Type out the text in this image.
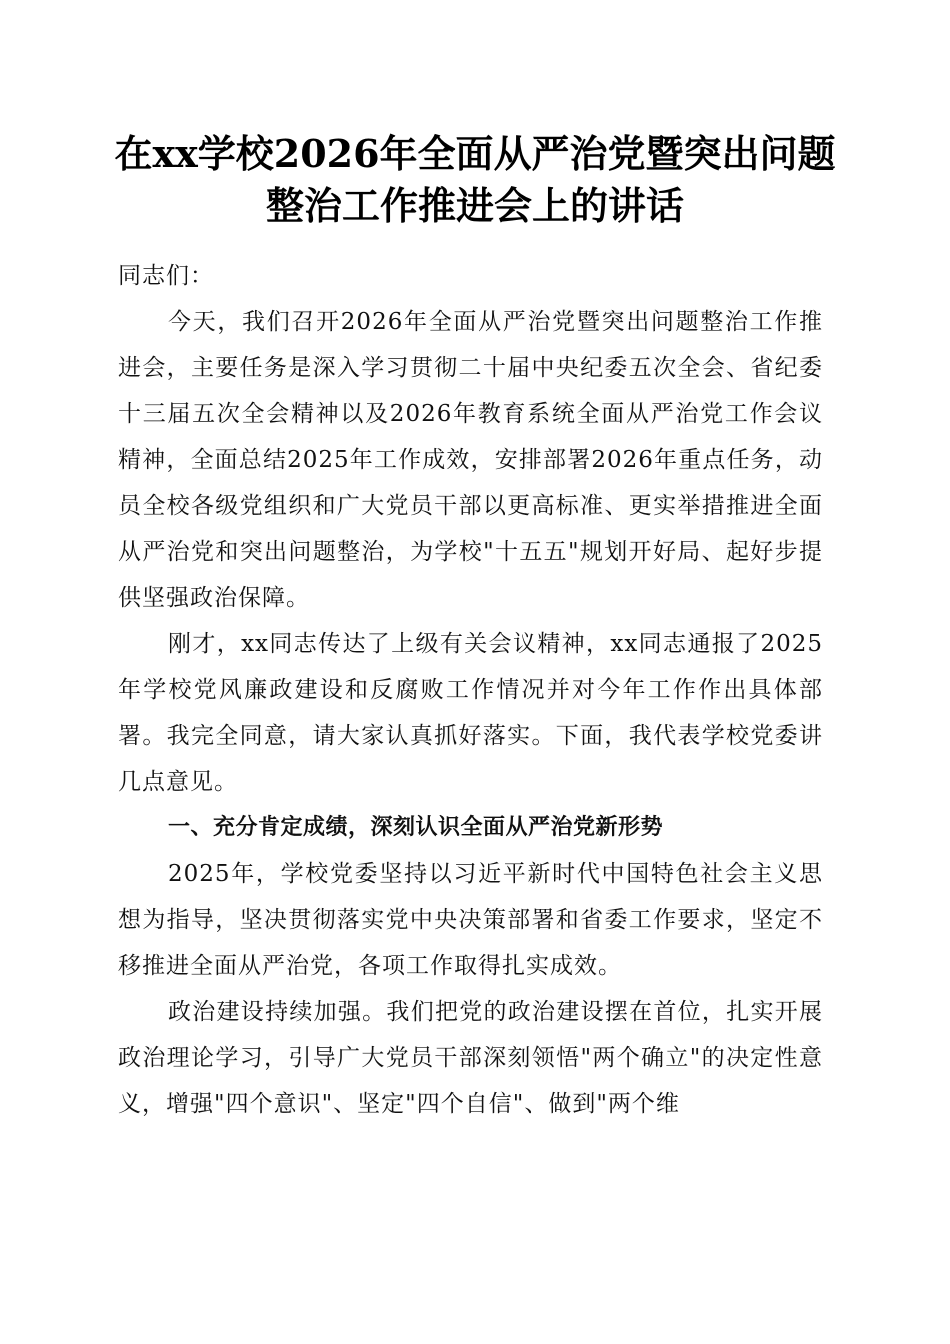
在xx学校2026年全面从严治党暨突出问题整治工作推进会上的讲话

同志们：

今天，我们召开2026年全面从严治党暨突出问题整治工作推进会，主要任务是深入学习贯彻二十届中央纪委五次全会、省纪委十三届五次全会精神以及2026年教育系统全面从严治党工作会议精神，全面总结2025年工作成效，安排部署2026年重点任务，动员全校各级党组织和广大党员干部以更高标准、更实举措推进全面从严治党和突出问题整治，为学校"十五五"规划开好局、起好步提供坚强政治保障。

刚才，xx同志传达了上级有关会议精神，xx同志通报了2025年学校党风廉政建设和反腐败工作情况并对今年工作作出具体部署。我完全同意，请大家认真抓好落实。下面，我代表学校党委讲几点意见。

一、充分肯定成绩，深刻认识全面从严治党新形势

2025年，学校党委坚持以习近平新时代中国特色社会主义思想为指导，坚决贯彻落实党中央决策部署和省委工作要求，坚定不移推进全面从严治党，各项工作取得扎实成效。

政治建设持续加强。我们把党的政治建设摆在首位，扎实开展政治理论学习，引导广大党员干部深刻领悟"两个确立"的决定性意义，增强"四个意识"、坚定"四个自信"、做到"两个维
